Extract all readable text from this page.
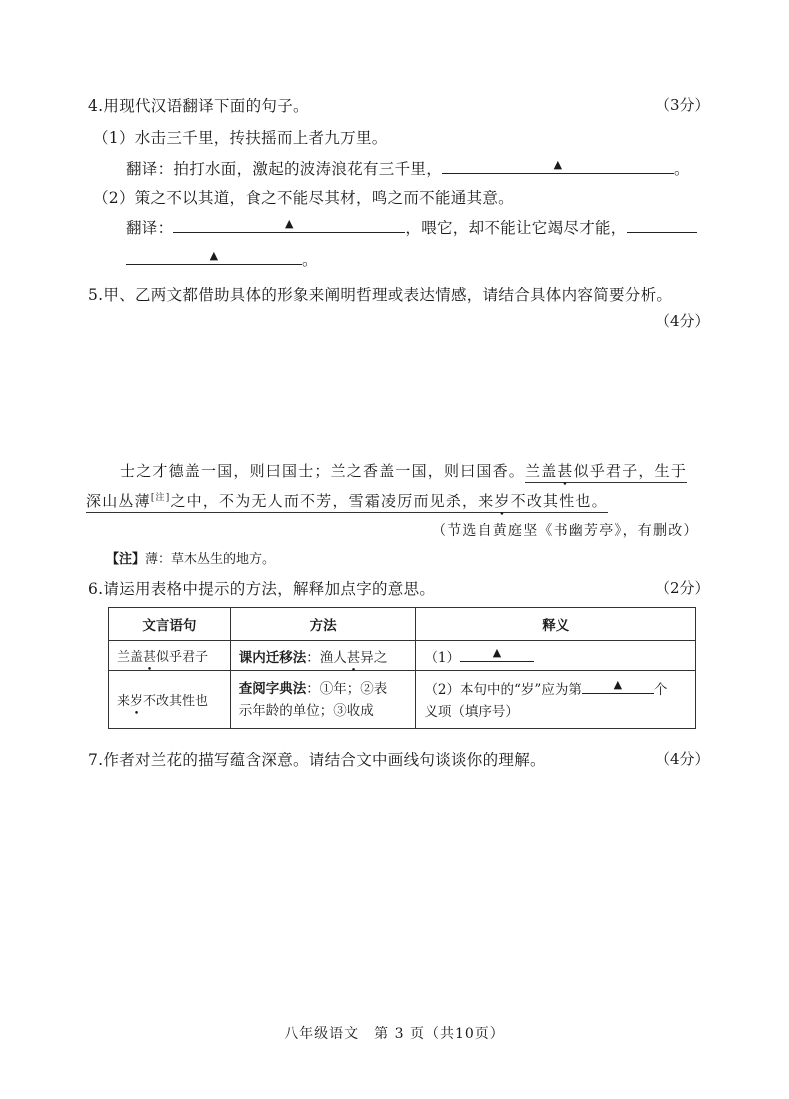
4.用现代汉语翻译下面的句子。	（3分）
（1）水击三千里，抟扶摇而上者九万里。
翻译：拍打水面，激起的波涛浪花有三千里，	▲	。
（2）策之不以其道，食之不能尽其材，鸣之而不能通其意。
翻译：	▲	，喂它，却不能让它竭尽才能，
▲	。
5.甲、乙两文都借助具体的形象来阐明哲理或表达情感，请结合具体内容简要分析。
（4分）
士之才德盖一国，则曰国士；兰之香盖一国，则曰国香。兰盖甚似乎君子，生于
深山丛薄[注]之中，不为无人而不芳，雪霜凌厉而见杀，来岁不改其性也。
（节选自黄庭坚《书幽芳亭》，有删改）
【注】薄：草木丛生的地方。
6.请运用表格中提示的方法，解释加点字的意思。	（2分）
文言语句	方法	释义
兰盖甚似乎君子	课内迁移法：渔人甚异之	（1） ▲

来岁不改其性也	查阅字典法：①年；②表
示年龄的单位；③收成	（2）本句中的“岁”应为第 ▲ 个
义项（填序号）
7.作者对兰花的描写蕴含深意。请结合文中画线句谈谈你的理解。	（4分）
八年级语文　第 3 页（共10页）
